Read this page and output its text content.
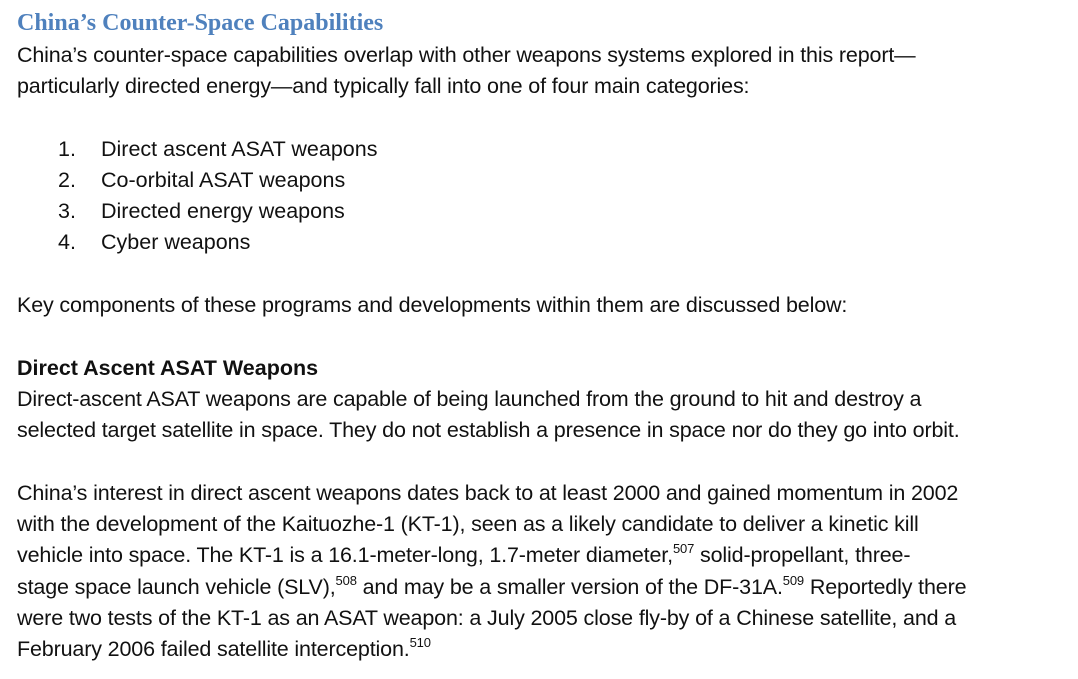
China’s Counter-Space Capabilities

China’s counter-space capabilities overlap with other weapons systems explored in this report—
particularly directed energy—and typically fall into one of four main categories:

1. Direct ascent ASAT weapons
2. Co-orbital ASAT weapons
3. Directed energy weapons
4. Cyber weapons

Key components of these programs and developments within them are discussed below:

Direct Ascent ASAT Weapons

Direct-ascent ASAT weapons are capable of being launched from the ground to hit and destroy a
selected target satellite in space. They do not establish a presence in space nor do they go into orbit.

China’s interest in direct ascent weapons dates back to at least 2000 and gained momentum in 2002
with the development of the Kaituozhe-1 (KT-1), seen as a likely candidate to deliver a kinetic kill
vehicle into space. The KT-1 is a 16.1-meter-long, 1.7-meter diameter,$^{507}$ solid-propellant, three-
stage space launch vehicle (SLV),$^{508}$ and may be a smaller version of the DF-31A.$^{509}$ Reportedly there
were two tests of the KT-1 as an ASAT weapon: a July 2005 close fly-by of a Chinese satellite, and a
February 2006 failed satellite interception.$^{510}$
